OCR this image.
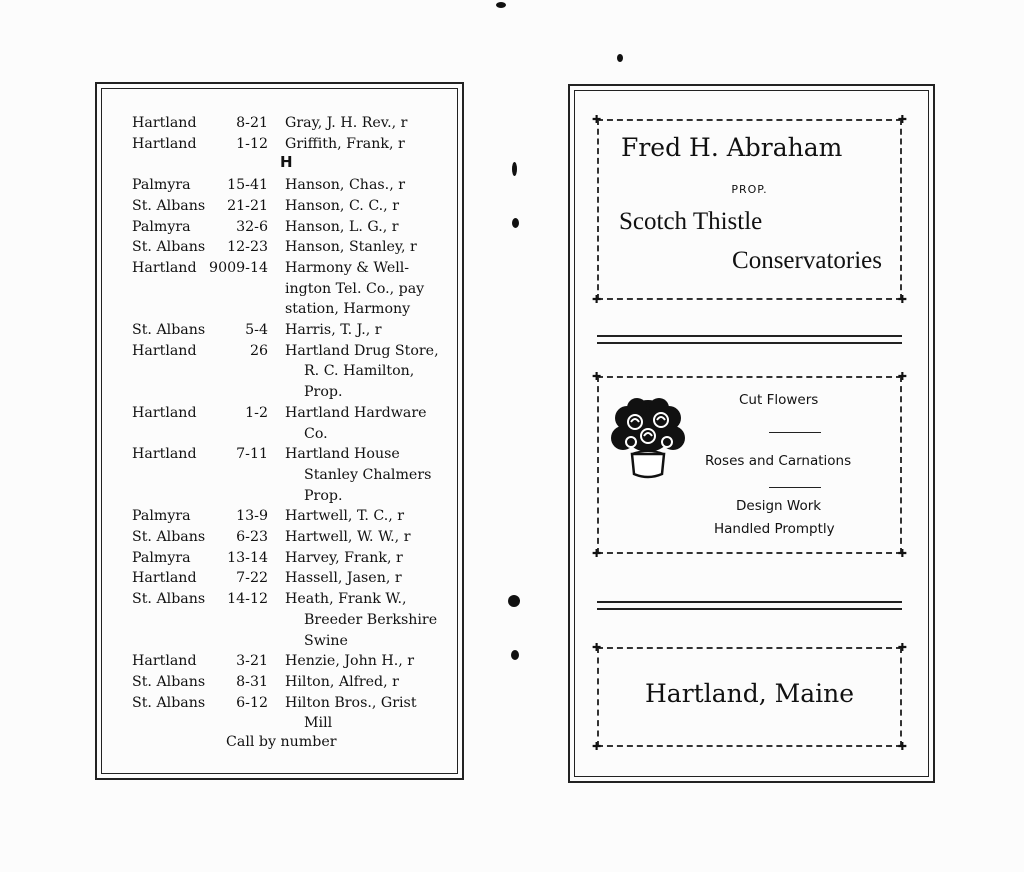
Hartland	8-21 Gray, J. H. Rev., r
Hartland	1-12 Griffith, Frank, r
Palmyra	15-41 Hanson, Chas., r
St. Albans 21-21 Hanson, C. C., r
Palmyra	32-6 Hanson, L. G., r
St. Albans 12-23 Hanson, Stanley, r
Hartland 9009-14 Harmony & Well-
ington Tel. Co., pay
station, Harmony
St. Albans	5-4 Harris, T. J., r
Hartland	26 Hartland Drug Store,
R. C. Hamilton,
Prop.
Hartland	1-2 Hartland Hardware
Co.
Hartland	7-11 Hartland House
Stanley Chalmers
Prop.
Palmyra	13-9 Hartwell, T. C., r
St. Albans 6-23 Hartwell, W. W., r
Palmyra	13-14 Harvey, Frank, r
Hartland	7-22 Hassell, Jasen, r
St. Albans 14-12 Heath, Frank W.,
Breeder Berkshire
Swine
Hartland	3-21 Henzie, John H., r
St. Albans 8-31 Hilton, Alfred, r
St. Albans 6-12 Hilton Bros., Grist
Mill
H
Call by number
Fred H. Abraham
PROP.
Scotch Thistle
Conservatories
✚	✚
✚	✚
Cut Flowers
Roses and Carnations
Design Work
Handled Promptly
✚	✚
✚	✚
Hartland, Maine
✚	✚
✚	✚
